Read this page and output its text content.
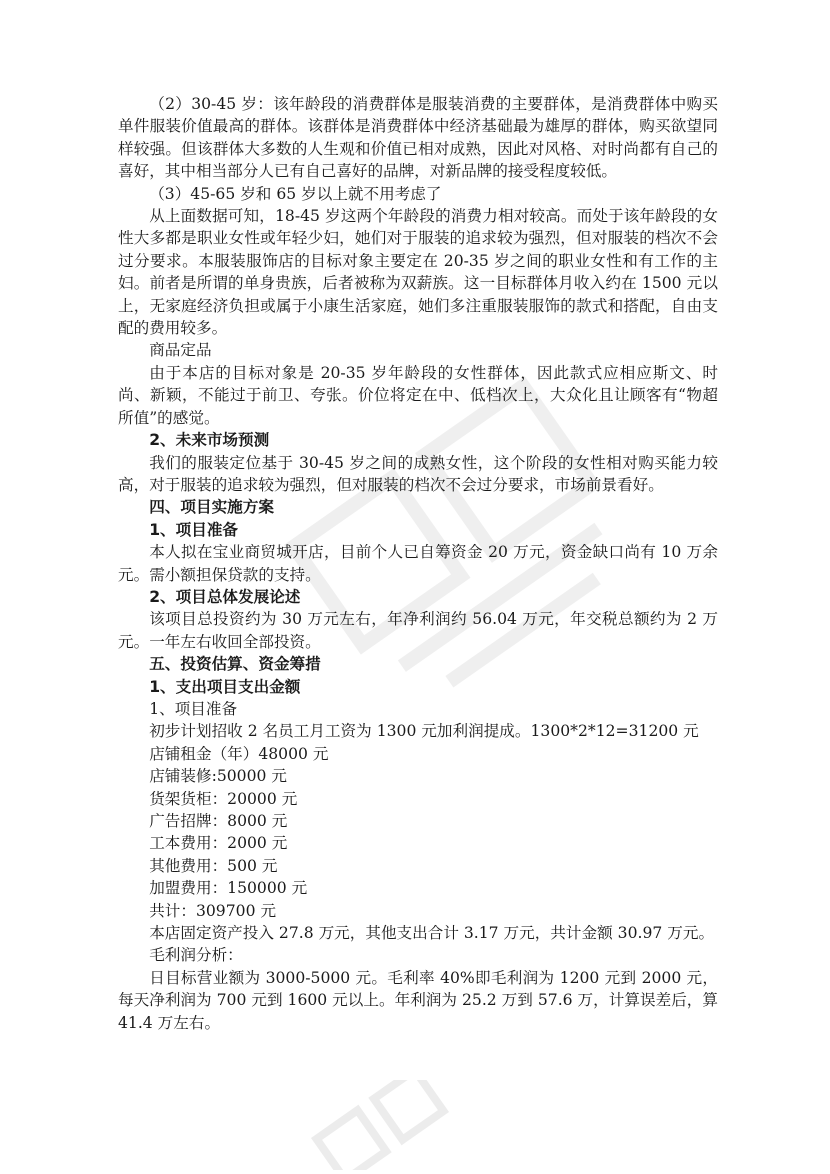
（2）30-45 岁：该年龄段的消费群体是服装消费的主要群体，是消费群体中购买单件服装价值最高的群体。该群体是消费群体中经济基础最为雄厚的群体，购买欲望同样较强。但该群体大多数的人生观和价值已相对成熟，因此对风格、对时尚都有自己的喜好，其中相当部分人已有自己喜好的品牌，对新品牌的接受程度较低。

（3）45-65 岁和 65 岁以上就不用考虑了

从上面数据可知，18-45 岁这两个年龄段的消费力相对较高。而处于该年龄段的女性大多都是职业女性或年轻少妇，她们对于服装的追求较为强烈，但对服装的档次不会过分要求。本服装服饰店的目标对象主要定在 20-35 岁之间的职业女性和有工作的主妇。前者是所谓的单身贵族，后者被称为双薪族。这一目标群体月收入约在 1500 元以上，无家庭经济负担或属于小康生活家庭，她们多注重服装服饰的款式和搭配，自由支配的费用较多。

商品定品

由于本店的目标对象是 20-35 岁年龄段的女性群体，因此款式应相应斯文、时尚、新颖，不能过于前卫、夸张。价位将定在中、低档次上，大众化且让顾客有“物超所值”的感觉。

2、未来市场预测

我们的服装定位基于 30-45 岁之间的成熟女性，这个阶段的女性相对购买能力较高，对于服装的追求较为强烈，但对服装的档次不会过分要求，市场前景看好。

四、项目实施方案

1、项目准备

本人拟在宝业商贸城开店，目前个人已自筹资金 20 万元，资金缺口尚有 10 万余元。需小额担保贷款的支持。

2、项目总体发展论述

该项目总投资约为 30 万元左右，年净利润约 56.04 万元，年交税总额约为 2 万元。一年左右收回全部投资。

五、投资估算、资金筹措

1、支出项目支出金额

1、项目准备

初步计划招收 2 名员工月工资为 1300 元加利润提成。1300*2*12=31200 元

店铺租金（年）48000 元

店铺装修:50000 元

货架货柜：20000 元

广告招牌：8000 元

工本费用：2000 元

其他费用：500 元

加盟费用：150000 元

共计：309700 元

本店固定资产投入 27.8 万元，其他支出合计 3.17 万元，共计金额 30.97 万元。

毛利润分析：

日目标营业额为 3000-5000 元。毛利率 40%即毛利润为 1200 元到 2000 元，每天净利润为 700 元到 1600 元以上。年利润为 25.2 万到 57.6 万，计算误差后，算 41.4 万左右。
